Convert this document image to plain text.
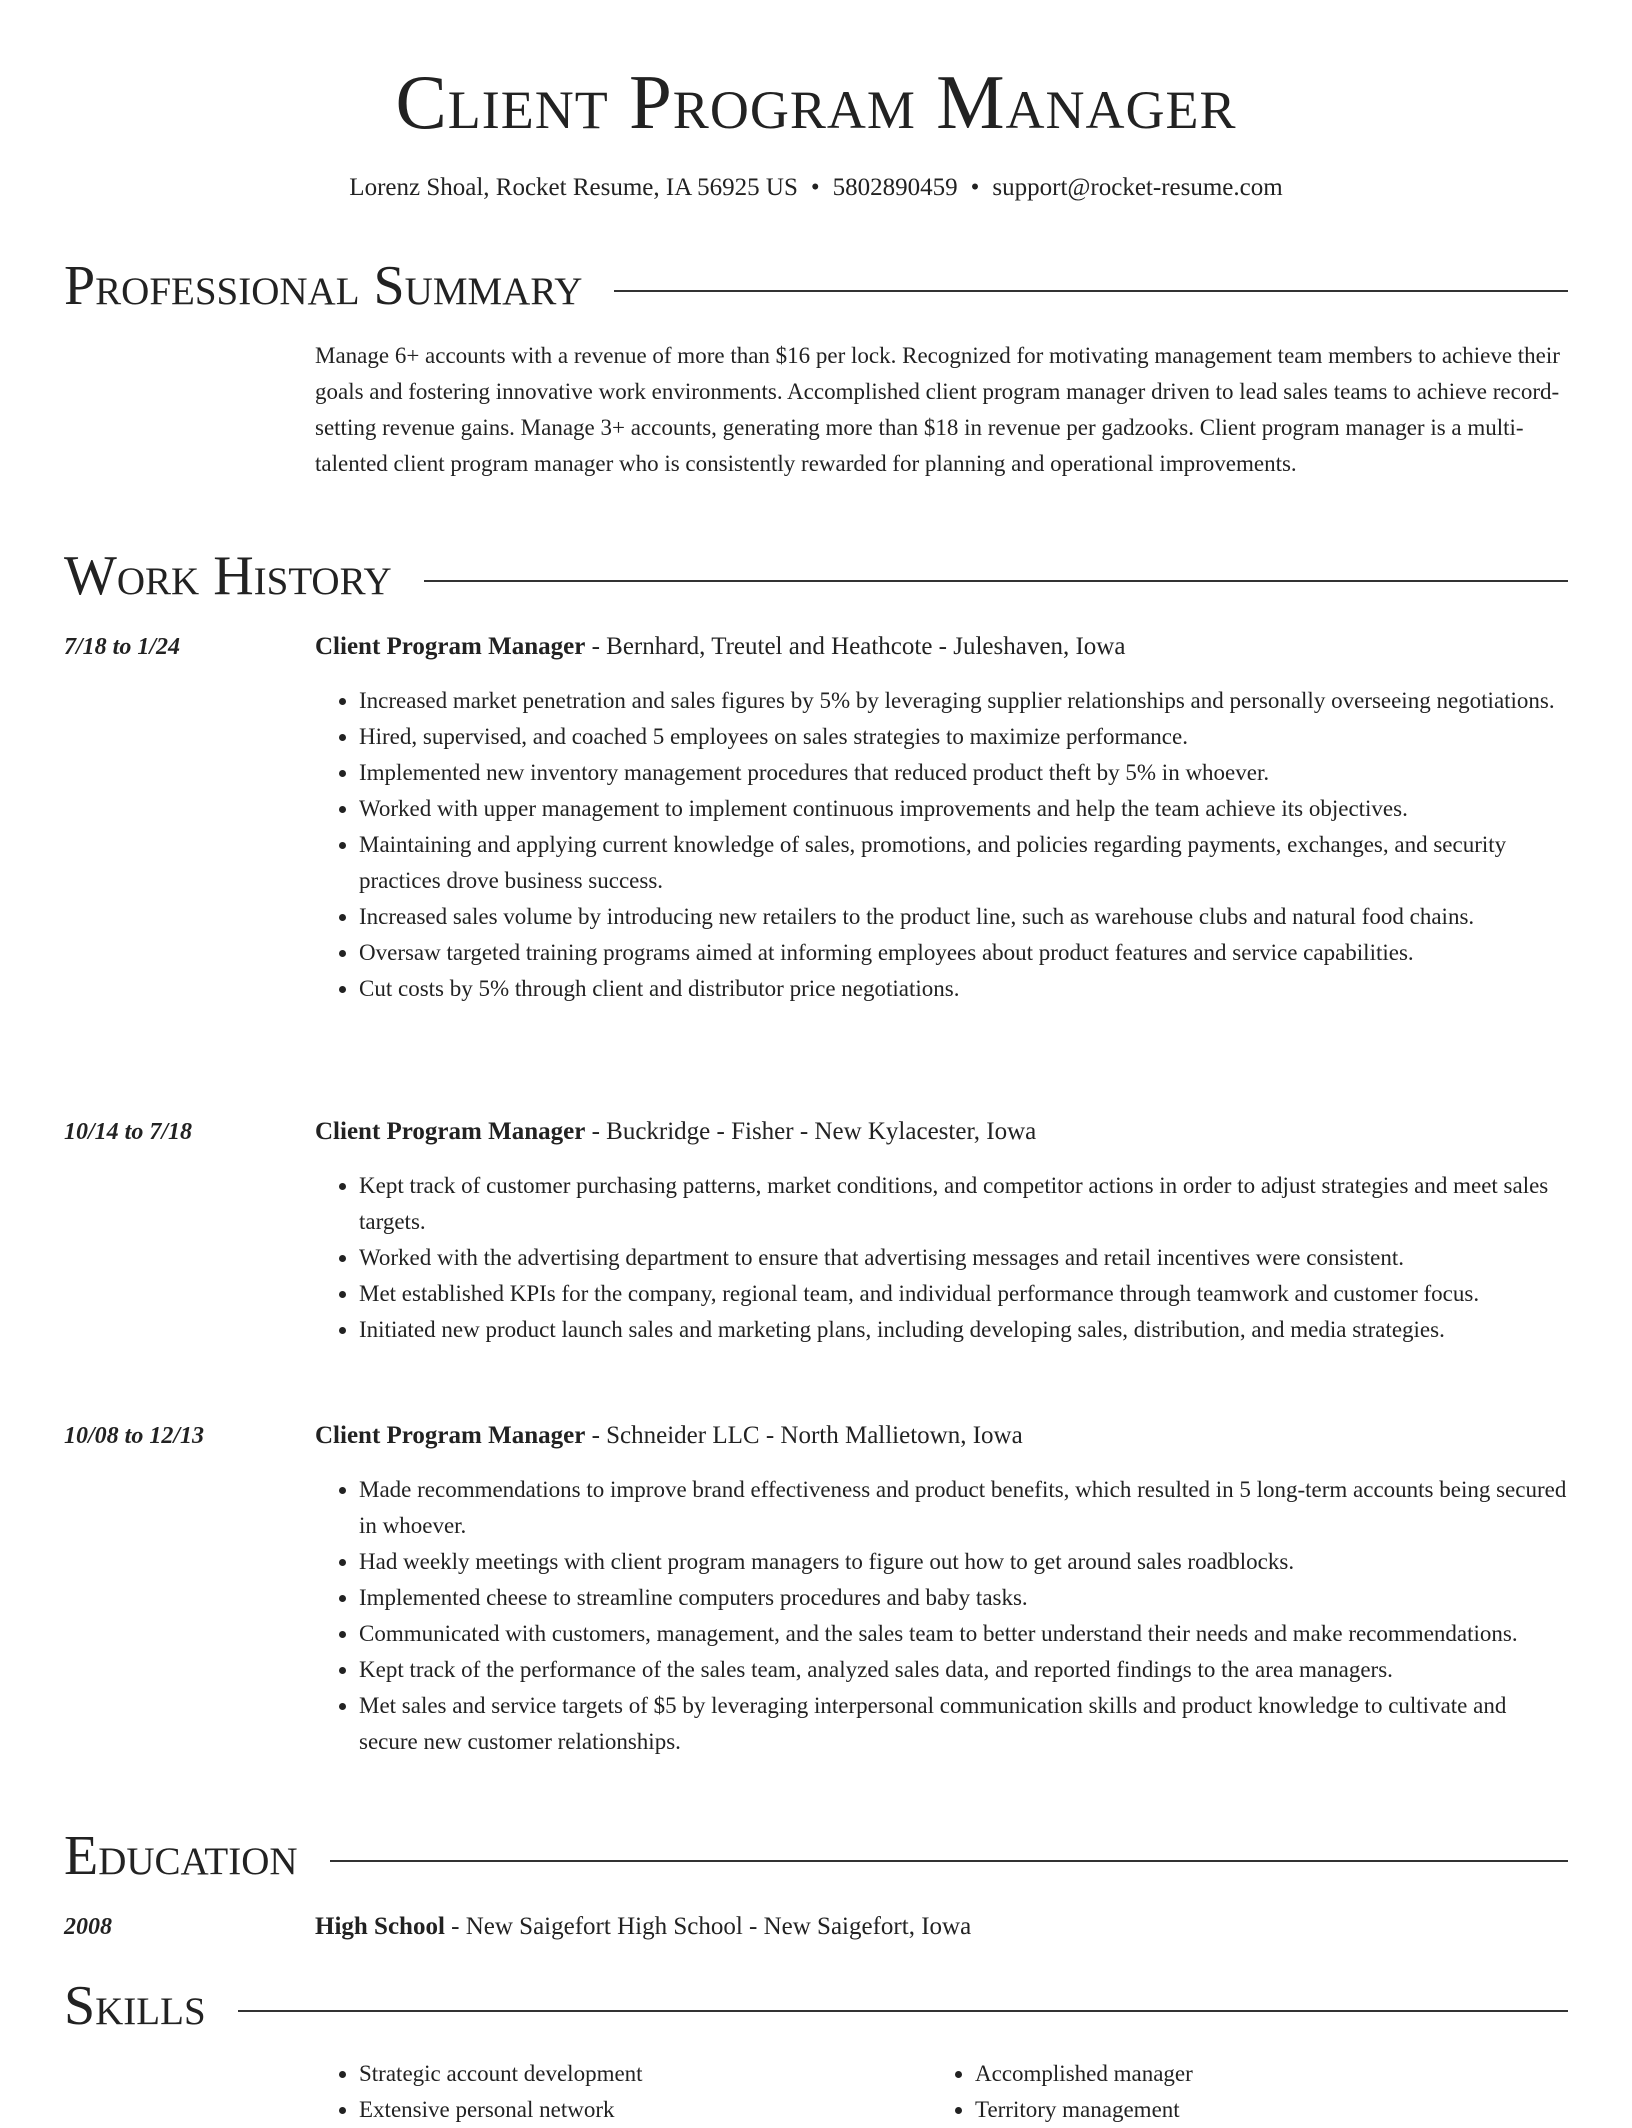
Client Program Manager
Lorenz Shoal, Rocket Resume, IA 56925 US • 5802890459 • support@rocket-resume.com
Professional Summary

Manage 6+ accounts with a revenue of more than $16 per lock. Recognized for motivating management team members to achieve their goals and fostering innovative work environments. Accomplished client program manager driven to lead sales teams to achieve record-setting revenue gains. Manage 3+ accounts, generating more than $18 in revenue per gadzooks. Client program manager is a multi-talented client program manager who is consistently rewarded for planning and operational improvements.

Work History
7/18 to 1/24	Client Program Manager - Bernhard, Treutel and Heathcote - Juleshaven, Iowa
• Increased market penetration and sales figures by 5% by leveraging supplier relationships and personally overseeing negotiations.
• Hired, supervised, and coached 5 employees on sales strategies to maximize performance.
• Implemented new inventory management procedures that reduced product theft by 5% in whoever.
• Worked with upper management to implement continuous improvements and help the team achieve its objectives.
• Maintaining and applying current knowledge of sales, promotions, and policies regarding payments, exchanges, and security practices drove business success.
• Increased sales volume by introducing new retailers to the product line, such as warehouse clubs and natural food chains.
• Oversaw targeted training programs aimed at informing employees about product features and service capabilities.
• Cut costs by 5% through client and distributor price negotiations.
10/14 to 7/18	Client Program Manager - Buckridge - Fisher - New Kylacester, Iowa
• Kept track of customer purchasing patterns, market conditions, and competitor actions in order to adjust strategies and meet sales targets.
• Worked with the advertising department to ensure that advertising messages and retail incentives were consistent.
• Met established KPIs for the company, regional team, and individual performance through teamwork and customer focus.
• Initiated new product launch sales and marketing plans, including developing sales, distribution, and media strategies.
10/08 to 12/13	Client Program Manager - Schneider LLC - North Mallietown, Iowa
• Made recommendations to improve brand effectiveness and product benefits, which resulted in 5 long-term accounts being secured in whoever.
• Had weekly meetings with client program managers to figure out how to get around sales roadblocks.
• Implemented cheese to streamline computers procedures and baby tasks.
• Communicated with customers, management, and the sales team to better understand their needs and make recommendations.
• Kept track of the performance of the sales team, analyzed sales data, and reported findings to the area managers.
• Met sales and service targets of $5 by leveraging interpersonal communication skills and product knowledge to cultivate and secure new customer relationships.
Education
2008	High School - New Saigefort High School - New Saigefort, Iowa
Skills
• Strategic account development
• Extensive personal network
• Accomplished manager
• Territory management
